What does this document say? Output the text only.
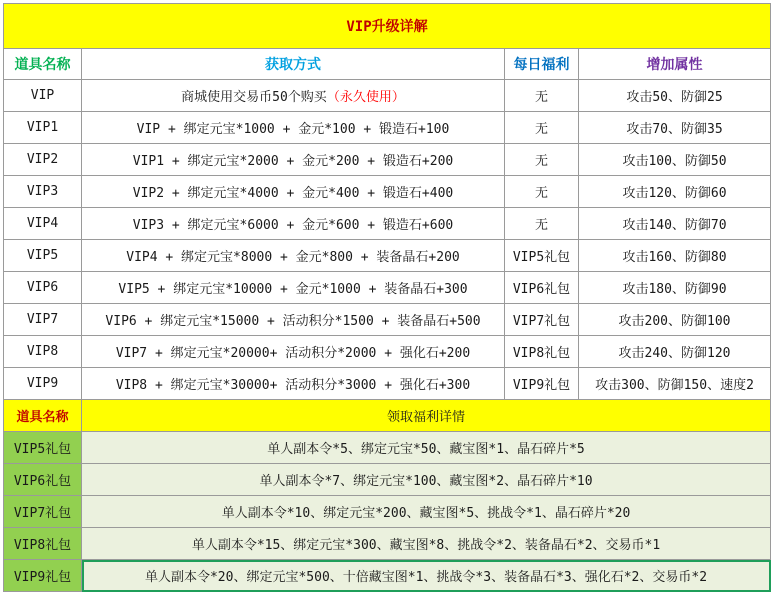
VIP升级详解			
道具名称	获取方式	每日福利	增加属性
VIP	商城使用交易币50个购买（永久使用）	无	攻击50、防御25
VIP1	VIP + 绑定元宝*1000 + 金元*100 + 锻造石+100	无	攻击70、防御35
VIP2	VIP1 + 绑定元宝*2000 + 金元*200 + 锻造石+200	无	攻击100、防御50
VIP3	VIP2 + 绑定元宝*4000 + 金元*400 + 锻造石+400	无	攻击120、防御60
VIP4	VIP3 + 绑定元宝*6000 + 金元*600 + 锻造石+600	无	攻击140、防御70
VIP5	VIP4 + 绑定元宝*8000 + 金元*800 + 装备晶石+200	VIP5礼包	攻击160、防御80
VIP6	VIP5 + 绑定元宝*10000 + 金元*1000 + 装备晶石+300	VIP6礼包	攻击180、防御90
VIP7	VIP6 + 绑定元宝*15000 + 活动积分*1500 + 装备晶石+500	VIP7礼包	攻击200、防御100
VIP8	VIP7 + 绑定元宝*20000+ 活动积分*2000 + 强化石+200	VIP8礼包	攻击240、防御120
VIP9	VIP8 + 绑定元宝*30000+ 活动积分*3000 + 强化石+300	VIP9礼包	攻击300、防御150、速度2
道具名称	领取福利详情		
VIP5礼包	单人副本令*5、绑定元宝*50、藏宝图*1、晶石碎片*5		
VIP6礼包	单人副本令*7、绑定元宝*100、藏宝图*2、晶石碎片*10		
VIP7礼包	单人副本令*10、绑定元宝*200、藏宝图*5、挑战令*1、晶石碎片*20		
VIP8礼包	单人副本令*15、绑定元宝*300、藏宝图*8、挑战令*2、装备晶石*2、交易币*1		
VIP9礼包	单人副本令*20、绑定元宝*500、十倍藏宝图*1、挑战令*3、装备晶石*3、强化石*2、交易币*2		
